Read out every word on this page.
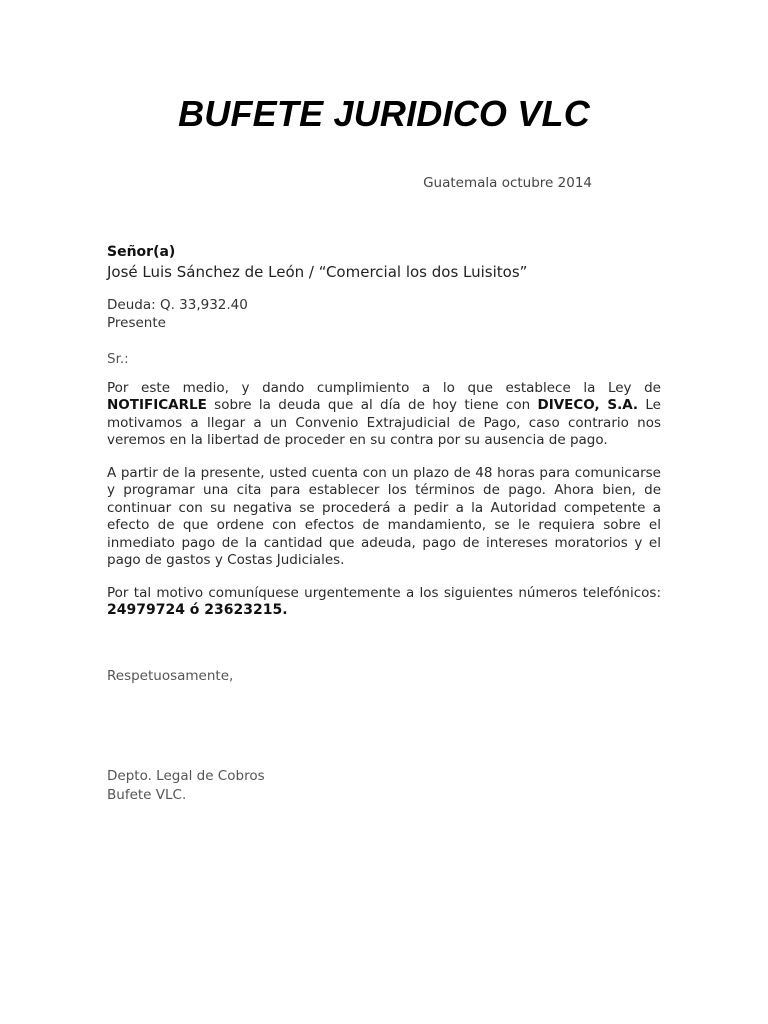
BUFETE JURIDICO VLC
Guatemala octubre 2014
Señor(a)
José Luis Sánchez de León / “Comercial los dos Luisitos”
Deuda: Q. 33,932.40
Presente
Sr.:

Por este medio, y dando cumplimiento a lo que establece la Ley de NOTIFICARLE sobre la deuda que al día de hoy tiene con DIVECO, S.A. Le motivamos a llegar a un Convenio Extrajudicial de Pago, caso contrario nos veremos en la libertad de proceder en su contra por su ausencia de pago.

A partir de la presente, usted cuenta con un plazo de 48 horas para comunicarse y programar una cita para establecer los términos de pago. Ahora bien, de continuar con su negativa se procederá a pedir a la Autoridad competente a efecto de que ordene con efectos de mandamiento, se le requiera sobre el inmediato pago de la cantidad que adeuda, pago de intereses moratorios y el pago de gastos y Costas Judiciales.

Por tal motivo comuníquese urgentemente a los siguientes números telefónicos: 24979724 ó 23623215.

Respetuosamente,
Depto. Legal de Cobros
Bufete VLC.
